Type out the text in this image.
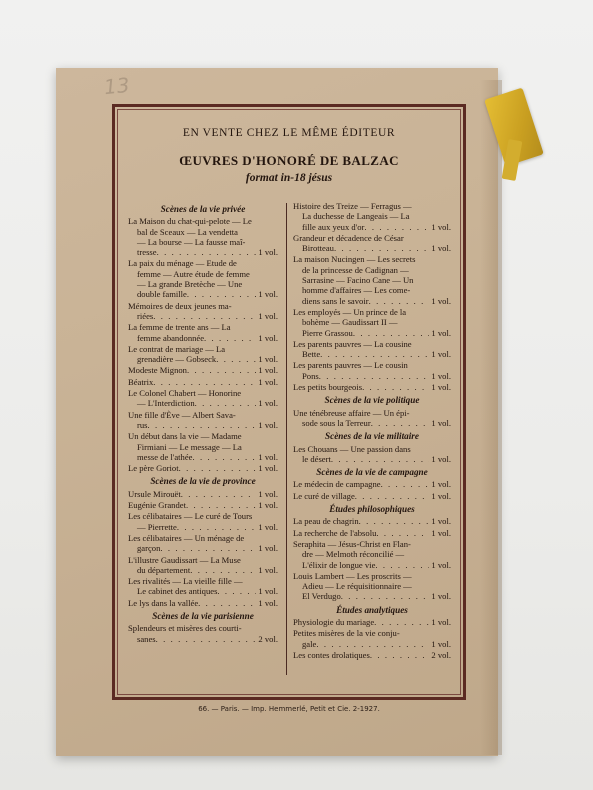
13
EN VENTE CHEZ LE MÊME ÉDITEUR
ŒUVRES D'HONORÉ DE BALZAC
format in-18 jésus
Scènes de la vie privée
La Maison du chat-qui-pelote — Le
bal de Sceaux — La vendetta
— La bourse — La fausse maî-
tresse . . .	1 vol.
La paix du ménage — Etude de
femme — Autre étude de femme
— La grande Bretèche — Une
double famille . . .	1 vol.
Mémoires de deux jeunes ma-
riées . . .	1 vol.
La femme de trente ans — La
femme abandonnée . . .	1 vol.
Le contrat de mariage — La
grenadière — Gobseck . . .	1 vol.
Modeste Mignon . . .	1 vol.
Béatrix . . .	1 vol.
Le Colonel Chabert — Honorine
— L'Interdiction . . .	1 vol.
Une fille d'Ève — Albert Sava-
rus . . .	1 vol.
Un début dans la vie — Madame
Firmiani — Le message — La
messe de l'athée . . .	1 vol.
Le père Goriot . . .	1 vol.
Scènes de la vie de province
Ursule Mirouët . . .	1 vol.
Eugénie Grandet . . .	1 vol.
Les célibataires — Le curé de Tours
— Pierrette . . .	1 vol.
Les célibataires — Un ménage de
garçon . . .	1 vol.
L'illustre Gaudissart — La Muse
du département . . .	1 vol.
Les rivalités — La vieille fille —
Le cabinet des antiques . . .	1 vol.
Le lys dans la vallée . . .	1 vol.
Scènes de la vie parisienne
Splendeurs et misères des courti-
sanes . . .	2 vol.
Histoire des Treize — Ferragus —
La duchesse de Langeais — La
fille aux yeux d'or . . .	1 vol.
Grandeur et décadence de César
Birotteau . . .	1 vol.
La maison Nucingen — Les secrets
de la princesse de Cadignan —
Sarrasine — Facino Cane — Un
homme d'affaires — Les come-
diens sans le savoir . . .	1 vol.
Les employés — Un prince de la
bohème — Gaudissart II —
Pierre Grassou . . .	1 vol.
Les parents pauvres — La cousine
Bette . . .	1 vol.
Les parents pauvres — Le cousin
Pons . . .	1 vol.
Les petits bourgeois . . .	1 vol.
Scènes de la vie politique
Une ténébreuse affaire — Un épi-
sode sous la Terreur . . .	1 vol.
Scènes de la vie militaire
Les Chouans — Une passion dans
le désert . . .	1 vol.
Scènes de la vie de campagne
Le médecin de campagne . . .	1 vol.
Le curé de village . . .	1 vol.
Études philosophiques
La peau de chagrin . . .	1 vol.
La recherche de l'absolu . . .	1 vol.
Seraphita — Jésus-Christ en Flan-
dre — Melmoth réconcilié —
L'élixir de longue vie . . .	1 vol.
Louis Lambert — Les proscrits —
Adieu — Le réquisitionnaire —
El Verdugo . . .	1 vol.
Études analytiques
Physiologie du mariage . . .	1 vol.
Petites misères de la vie conju-
gale . . .	1 vol.
Les contes drolatiques . . .	2 vol.
66. — Paris. — Imp. Hemmerlé, Petit et Cie. 2-1927.
